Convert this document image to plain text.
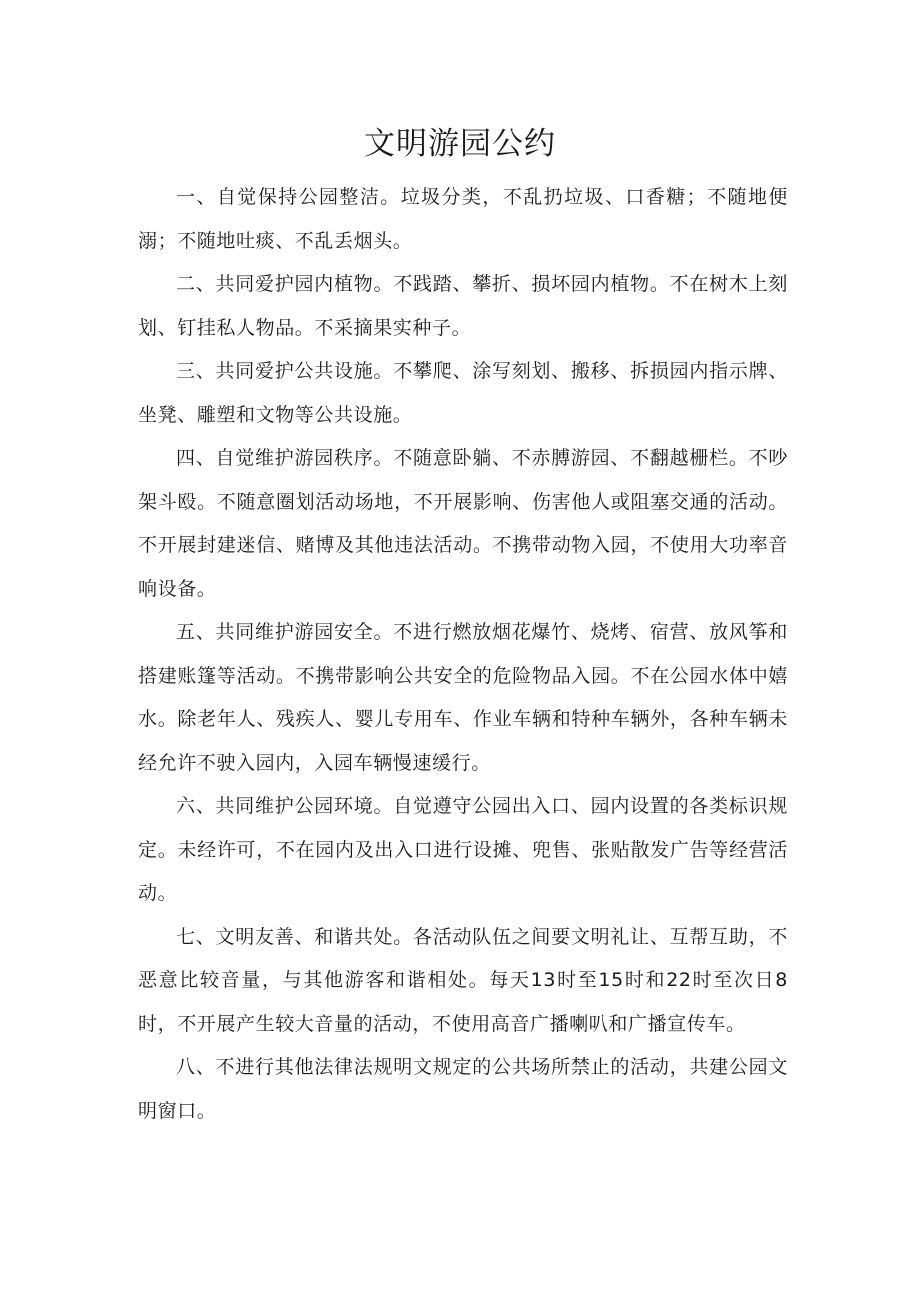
文明游园公约

一、自觉保持公园整洁。垃圾分类，不乱扔垃圾、口香糖；不随地便溺；不随地吐痰、不乱丢烟头。

二、共同爱护园内植物。不践踏、攀折、损坏园内植物。不在树木上刻划、钉挂私人物品。不采摘果实种子。

三、共同爱护公共设施。不攀爬、涂写刻划、搬移、拆损园内指示牌、坐凳、雕塑和文物等公共设施。

四、自觉维护游园秩序。不随意卧躺、不赤膊游园、不翻越栅栏。不吵架斗殴。不随意圈划活动场地，不开展影响、伤害他人或阻塞交通的活动。不开展封建迷信、赌博及其他违法活动。不携带动物入园，不使用大功率音响设备。

五、共同维护游园安全。不进行燃放烟花爆竹、烧烤、宿营、放风筝和搭建账篷等活动。不携带影响公共安全的危险物品入园。不在公园水体中嬉水。除老年人、残疾人、婴儿专用车、作业车辆和特种车辆外，各种车辆未经允许不驶入园内，入园车辆慢速缓行。

六、共同维护公园环境。自觉遵守公园出入口、园内设置的各类标识规定。未经许可，不在园内及出入口进行设摊、兜售、张贴散发广告等经营活动。

七、文明友善、和谐共处。各活动队伍之间要文明礼让、互帮互助，不恶意比较音量，与其他游客和谐相处。每天13时至15时和22时至次日8时，不开展产生较大音量的活动，不使用高音广播喇叭和广播宣传车。

八、不进行其他法律法规明文规定的公共场所禁止的活动，共建公园文明窗口。
